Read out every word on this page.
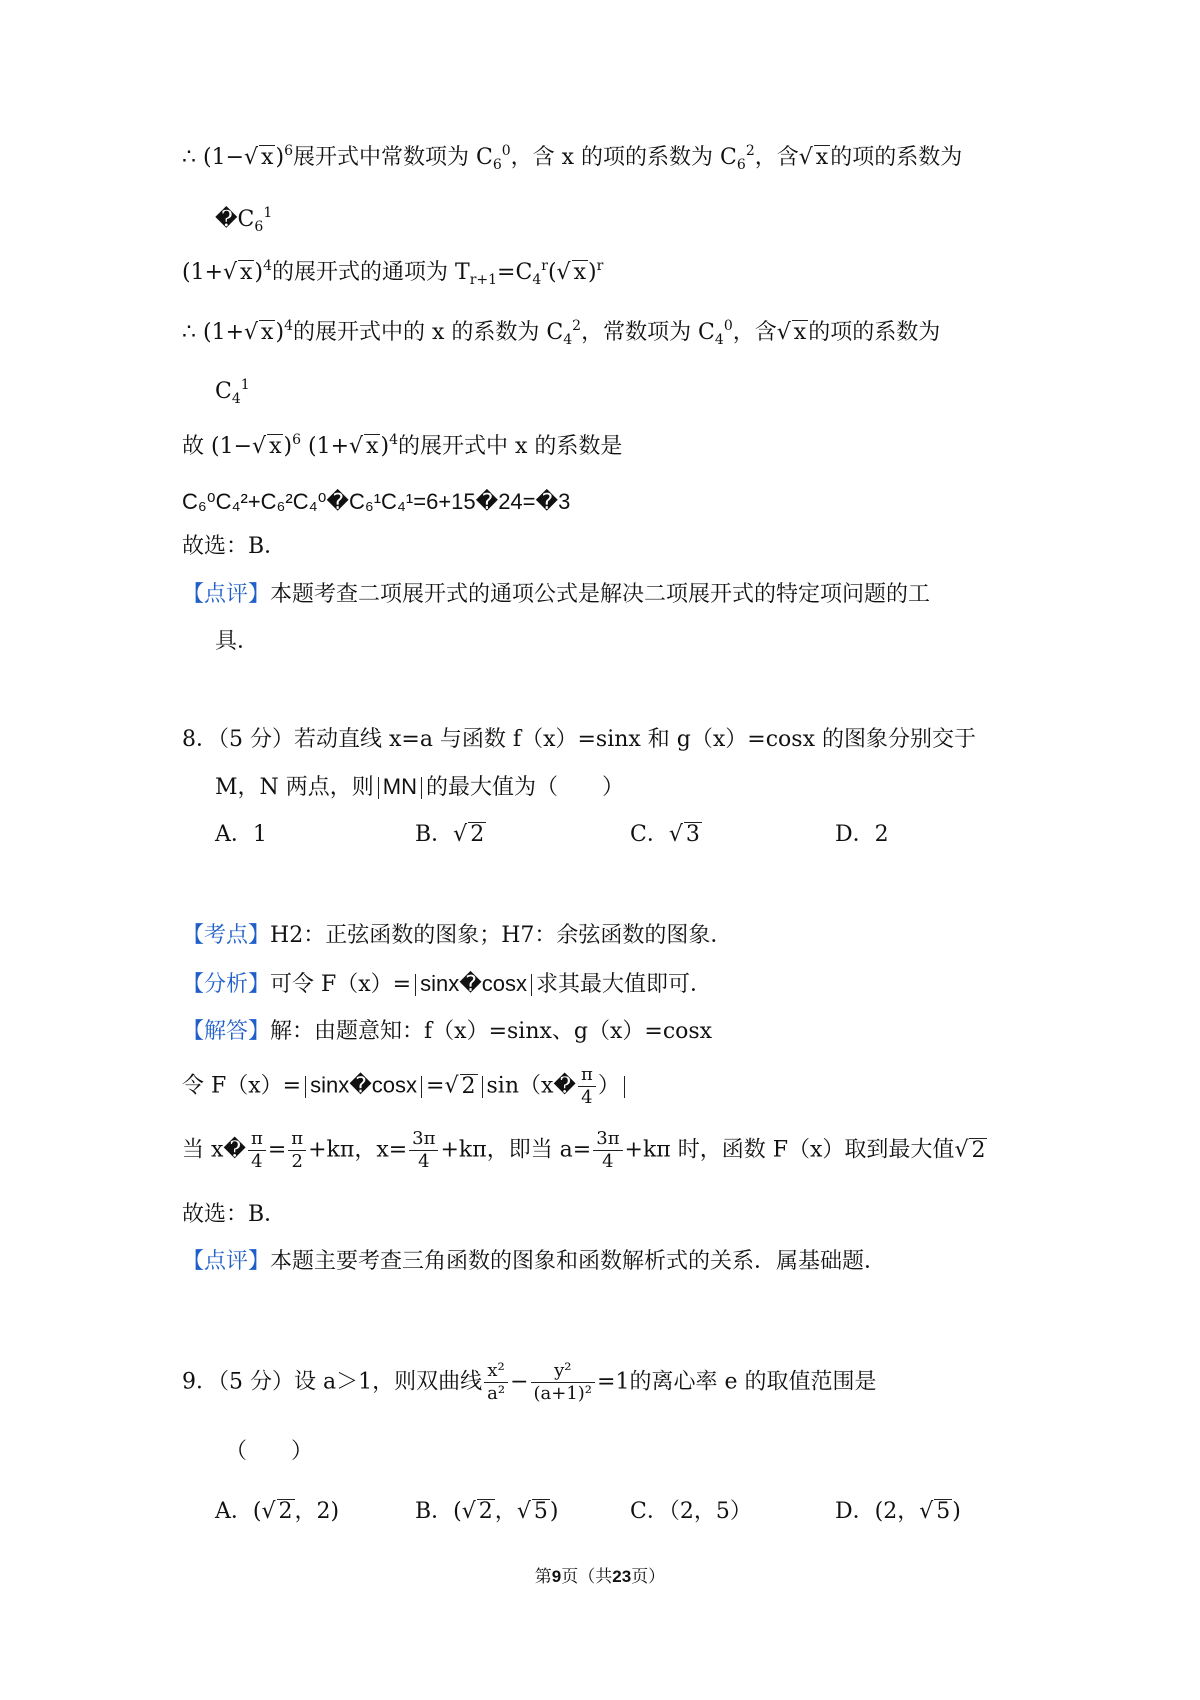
∴ (1−√ x)$^6$展开式中常数项为 $C_6^0$，含 x 的项的系数为 $C_6^2$，含√ x的项的系数为
$�C_6^1$
(1+√ x)$^4$的展开式的通项为 $T_{r+1}=C_4^r(√$ x)$^r$
∴ (1+√ x)$^4$的展开式中的 x 的系数为 $C_4^2$，常数项为 $C_4^0$，含√ x的项的系数为
$C_4^1$
故 (1−√ x)$^6$ (1+√ x)$^4$的展开式中 x 的系数是
C₆⁰C₄²+C₆²C₄⁰�C₆¹C₄¹=6+15�24=�3
故选：B．
【点评】本题考查二项展开式的通项公式是解决二项展开式的特定项问题的工
具．
8．（5 分）若动直线 x=a 与函数 f（x）=sinx 和 g（x）=cosx 的图象分别交于
M，N 两点，则 MN 的最大值为（　　）
A．1	B．√ 2	C．√ 3	D．2
【考点】H2：正弦函数的图象；H7：余弦函数的图象．
【分析】可令 F（x）= sinx�cosx 求其最大值即可．
【解答】解：由题意知：f（x）=sinx、g（x）=cosx
令 F（x）= sinx�cosx =√ 2 sin（x� $\frac{\pi}{4}$ ）
当 x� $\frac{\pi}{4} = \frac{\pi}{2} +k\pi$，$x= \frac{3\pi}{4} +k\pi$，即当 $a= \frac{3\pi}{4} +k\pi$ 时，函数 F（x）取到最大值√ 2
故选：B．
【点评】本题主要考查三角函数的图象和函数解析式的关系．属基础题．
9．（5 分）设 a＞1，则双曲线 $\frac{\text{x²}}{\text{a²}} - \frac{\text{y²}}{\text{(a+1)²}} =1$的离心率 e 的取值范围是
（　　）
A．(√ 2，2)	B．(√ 2，√ 5)	C．（2，5）	D．(2，√ 5)
第9页（共23页）
